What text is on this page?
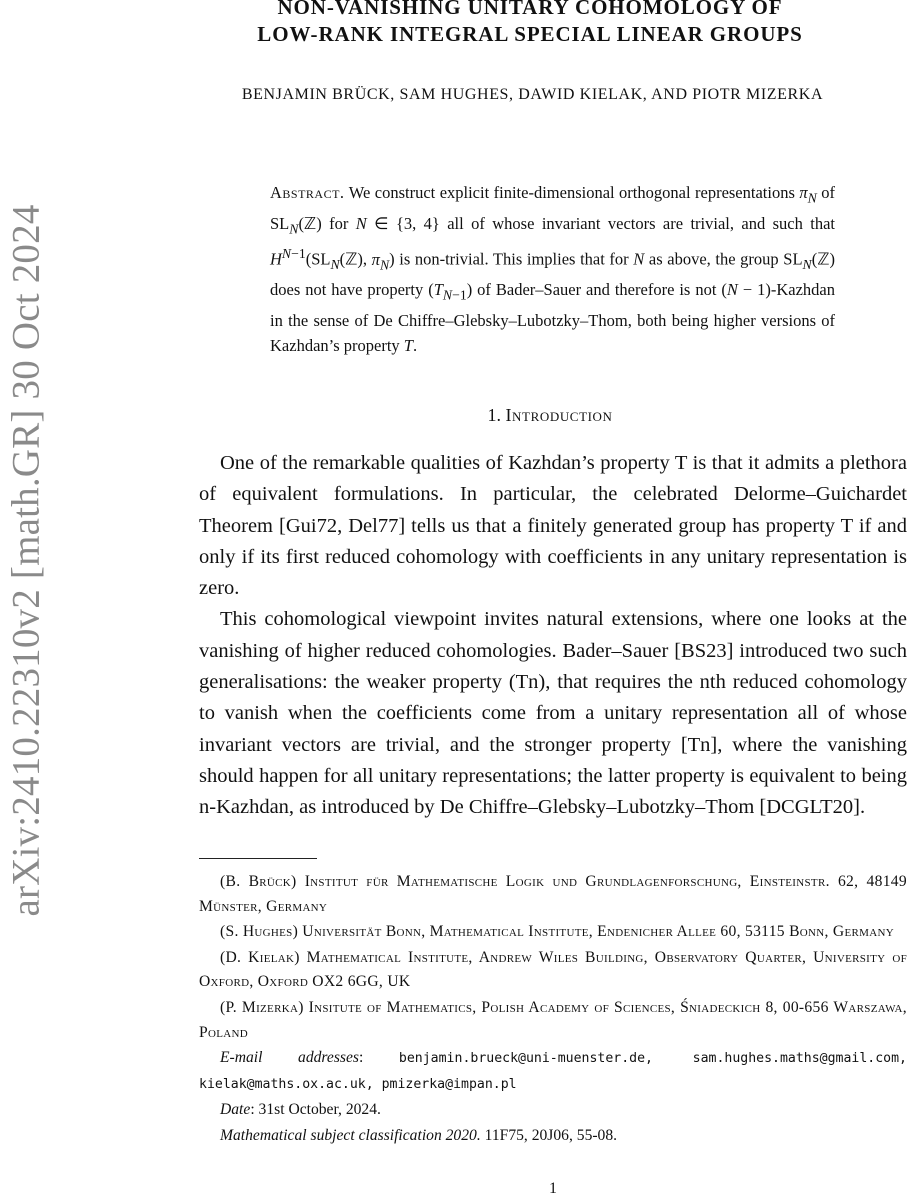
arXiv:2410.22310v2 [math.GR] 30 Oct 2024
NON-VANISHING UNITARY COHOMOLOGY OF
LOW-RANK INTEGRAL SPECIAL LINEAR GROUPS
BENJAMIN BRÜCK, SAM HUGHES, DAWID KIELAK, AND PIOTR MIZERKA
Abstract. We construct explicit finite-dimensional orthogonal representations $\pi_N$ of $SL_N(ℤ)$ for N ∈ {3, 4} all of whose invariant vectors are trivial, and such that $H^{N-1}(SL_N(ℤ)$, $\pi_N$) is non-trivial. This implies that for N as above, the group $SL_N(ℤ)$ does not have property $(T_{N-1})$ of Bader–Sauer and therefore is not (N − 1)-Kazhdan in the sense of De Chiffre–Glebsky–Lubotzky–Thom, both being higher versions of Kazhdan’s property T.
1. Introduction

One of the remarkable qualities of Kazhdan’s property T is that it admits a plethora of equivalent formulations. In particular, the celebrated Delorme–Guichardet Theorem [Gui72, Del77] tells us that a finitely generated group has property T if and only if its first reduced cohomology with coefficients in any unitary representation is zero.

This cohomological viewpoint invites natural extensions, where one looks at the vanishing of higher reduced cohomologies. Bader–Sauer [BS23] introduced two such generalisations: the weaker property (Tn), that requires the nth reduced cohomology to vanish when the coefficients come from a unitary representation all of whose invariant vectors are trivial, and the stronger property [Tn], where the vanishing should happen for all unitary representations; the latter property is equivalent to being n-Kazhdan, as introduced by De Chiffre–Glebsky–Lubotzky–Thom [DCGLT20].

(B. Brück) Institut für Mathematische Logik und Grundlagenforschung, Einsteinstr. 62, 48149 Münster, Germany

(S. Hughes) Universität Bonn, Mathematical Institute, Endenicher Allee 60, 53115 Bonn, Germany

(D. Kielak) Mathematical Institute, Andrew Wiles Building, Observatory Quarter, University of Oxford, Oxford OX2 6GG, UK

(P. Mizerka) Insitute of Mathematics, Polish Academy of Sciences, Śniadeckich 8, 00-656 Warszawa, Poland

E-mail addresses: benjamin.brueck@uni-muenster.de, sam.hughes.maths@gmail.com, kielak@maths.ox.ac.uk, pmizerka@impan.pl

Date: 31st October, 2024.

Mathematical subject classification 2020. 11F75, 20J06, 55-08.

1
